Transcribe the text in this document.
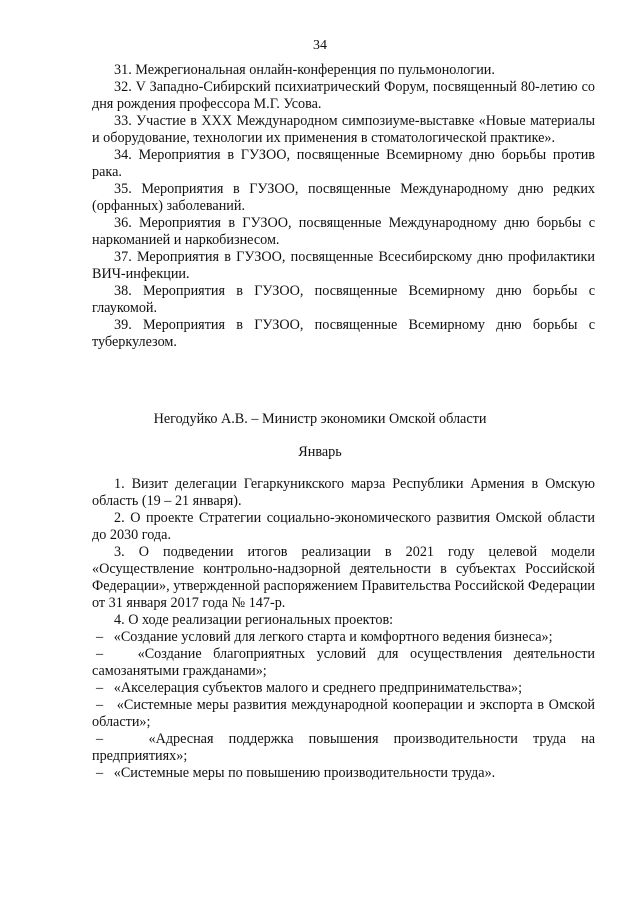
34

31. Межрегиональная онлайн-конференция по пульмонологии.

32. V Западно-Сибирский психиатрический Форум, посвященный 80-летию со дня рождения профессора М.Г. Усова.

33. Участие в XXX Международном симпозиуме-выставке «Новые материалы и оборудование, технологии их применения в стоматологической практике».

34. Мероприятия в ГУЗОО, посвященные Всемирному дню борьбы против рака.

35. Мероприятия в ГУЗОО, посвященные Международному дню редких (орфанных) заболеваний.

36. Мероприятия в ГУЗОО, посвященные Международному дню борьбы с наркоманией и наркобизнесом.

37. Мероприятия в ГУЗОО, посвященные Всесибирскому дню профилактики ВИЧ-инфекции.

38. Мероприятия в ГУЗОО, посвященные Всемирному дню борьбы с глаукомой.

39. Мероприятия в ГУЗОО, посвященные Всемирному дню борьбы с туберкулезом.

Негодуйко А.В. – Министр экономики Омской области
Январь

1. Визит делегации Гегаркуникского марза Республики Армения в Омскую область (19 – 21 января).

2. О проекте Стратегии социально-экономического развития Омской области до 2030 года.

3. О подведении итогов реализации в 2021 году целевой модели «Осуществление контрольно-надзорной деятельности в субъектах Российской Федерации», утвержденной распоряжением Правительства Российской Федерации от 31 января 2017 года № 147-р.

4. О ходе реализации региональных проектов:

– «Создание условий для легкого старта и комфортного ведения бизнеса»;

– «Создание благоприятных условий для осуществления деятельности самозанятыми гражданами»;

– «Акселерация субъектов малого и среднего предпринимательства»;

– «Системные меры развития международной кооперации и экспорта в Омской области»;

–	«Адресная поддержка повышения производительности труда на предприятиях»;

– «Системные меры по повышению производительности труда».
